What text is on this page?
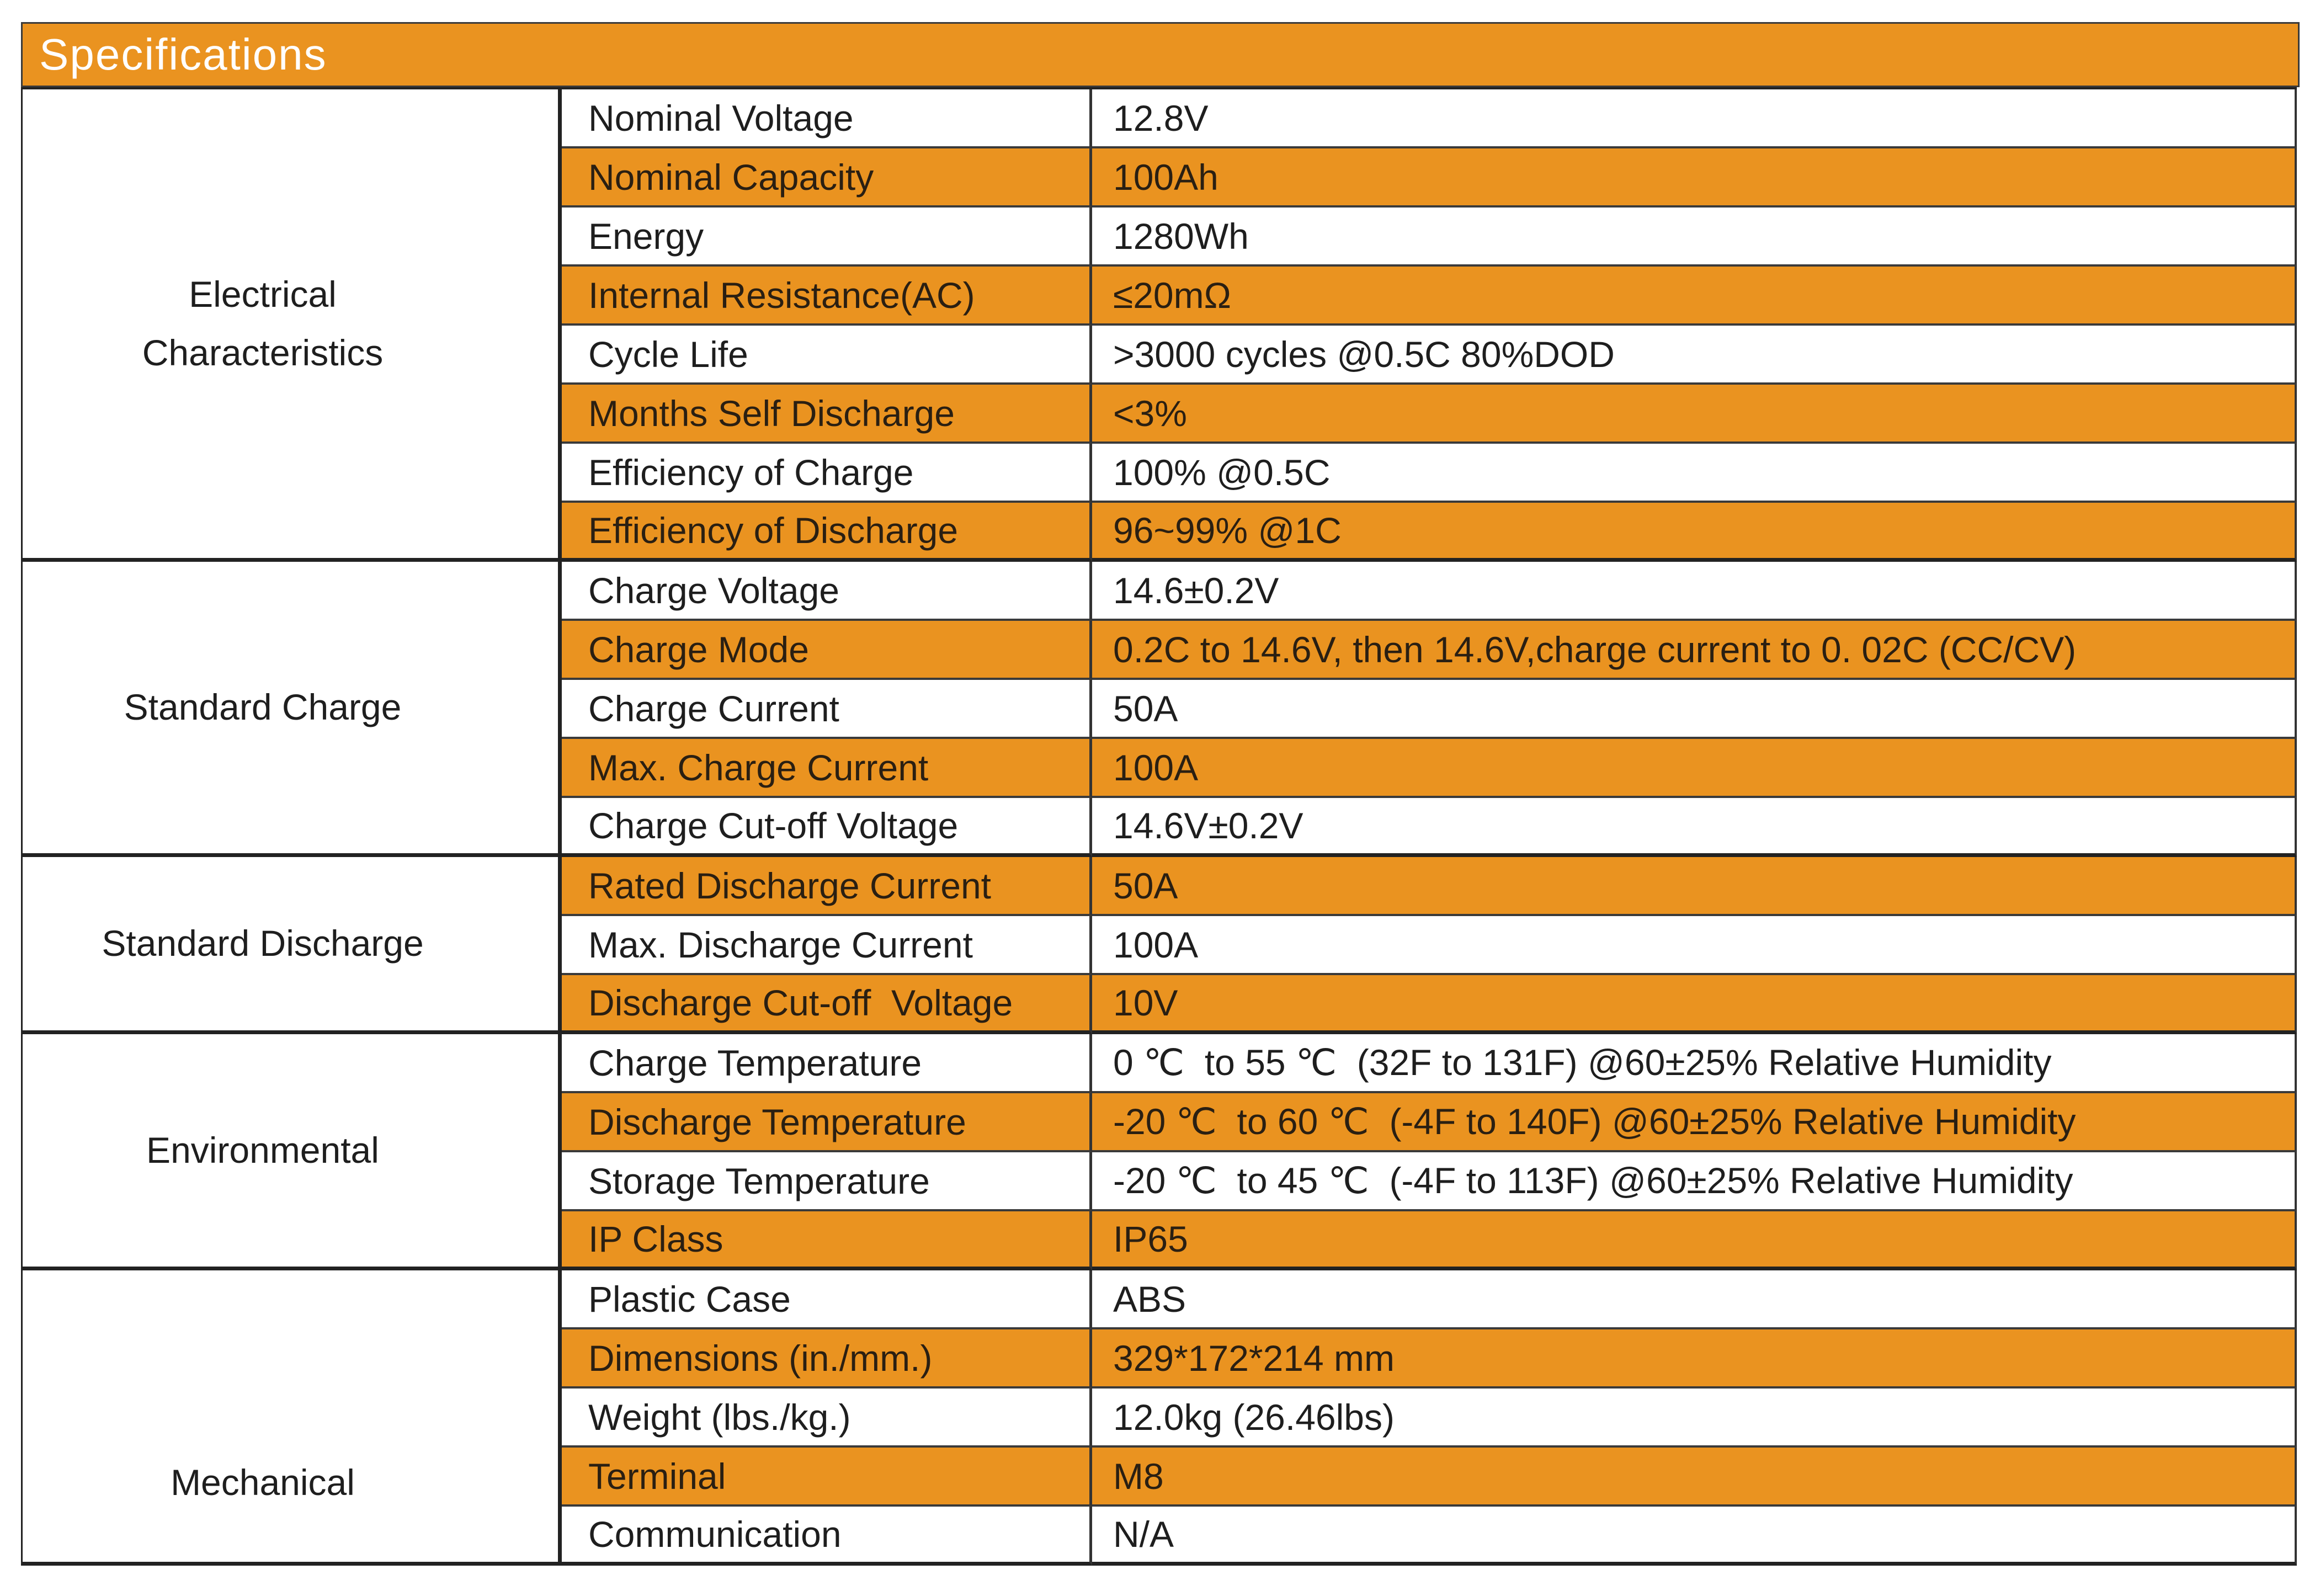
Specifications
Electrical
Characteristics
Nominal Voltage	12.8V
Nominal Capacity	100Ah
Energy	1280Wh
Internal Resistance(AC)	≤20mΩ
Cycle Life	>3000 cycles @0.5C 80%DOD
Months Self Discharge	<3%
Efficiency of Charge	100% @0.5C
Efficiency of Discharge	96~99% @1C
Standard Charge
Charge Voltage	14.6±0.2V
Charge Mode	0.2C to 14.6V, then 14.6V,charge current to 0. 02C (CC/CV)
Charge Current	50A
Max. Charge Current	100A
Charge Cut-off Voltage	14.6V±0.2V
Standard Discharge
Rated Discharge Current	50A
Max. Discharge Current	100A
Discharge Cut-off  Voltage	10V
Environmental
Charge Temperature	0 ℃  to 55 ℃  (32F to 131F) @60±25% Relative Humidity
Discharge Temperature	-20 ℃  to 60 ℃  (-4F to 140F) @60±25% Relative Humidity
Storage Temperature	-20 ℃  to 45 ℃  (-4F to 113F) @60±25% Relative Humidity
IP Class	IP65
Mechanical
Plastic Case	ABS
Dimensions (in./mm.)	329*172*214 mm
Weight (lbs./kg.)	12.0kg (26.46lbs)
Terminal	M8
Communication	N/A
